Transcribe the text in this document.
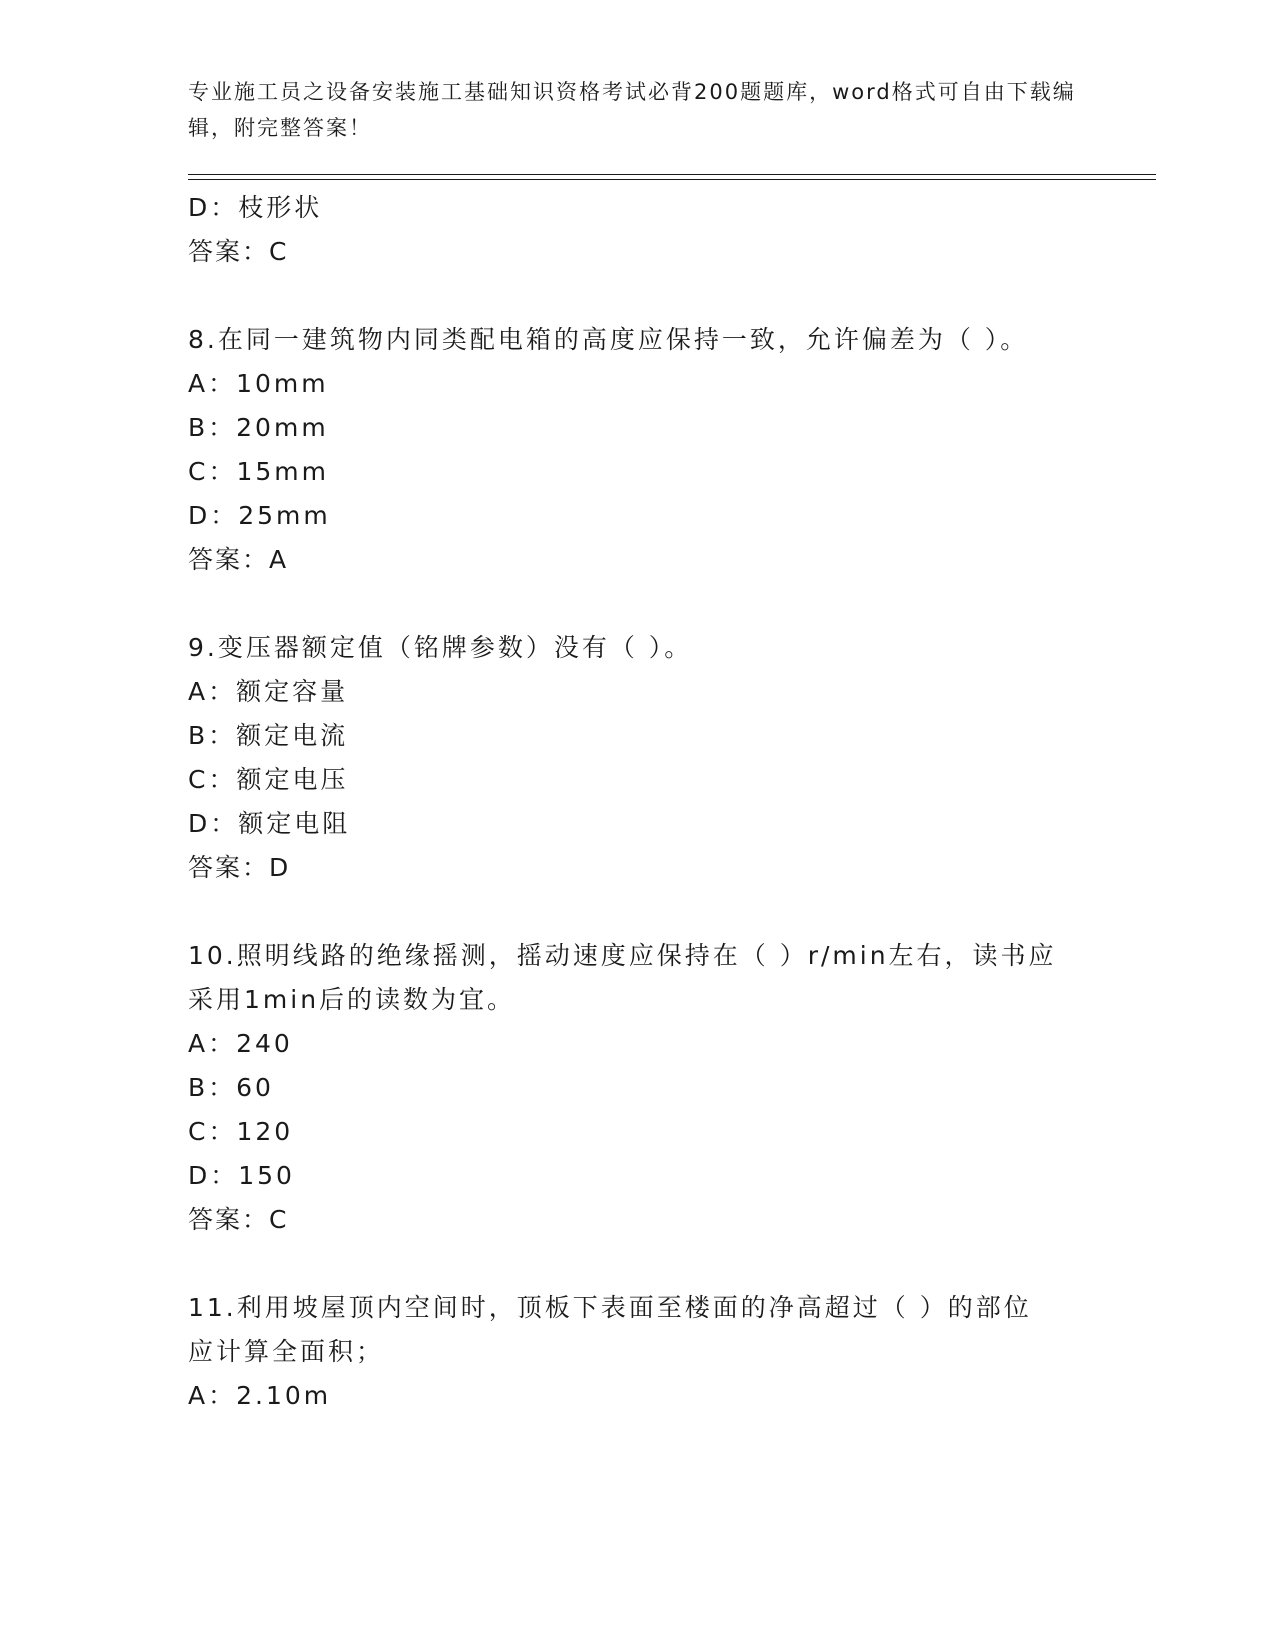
专业施工员之设备安装施工基础知识资格考试必背200题题库，word格式可自由下载编辑，附完整答案！
D：枝形状
答案：C
8.在同一建筑物内同类配电箱的高度应保持一致，允许偏差为（ ）。
A：10mm
B：20mm
C：15mm
D：25mm
答案：A
9.变压器额定值（铭牌参数）没有（ ）。
A：额定容量
B：额定电流
C：额定电压
D：额定电阻
答案：D
10.照明线路的绝缘摇测，摇动速度应保持在（ ）r/min左右，读书应
采用1min后的读数为宜。
A：240
B：60
C：120
D：150
答案：C
11.利用坡屋顶内空间时，顶板下表面至楼面的净高超过（ ）的部位
应计算全面积；
A：2.10m
